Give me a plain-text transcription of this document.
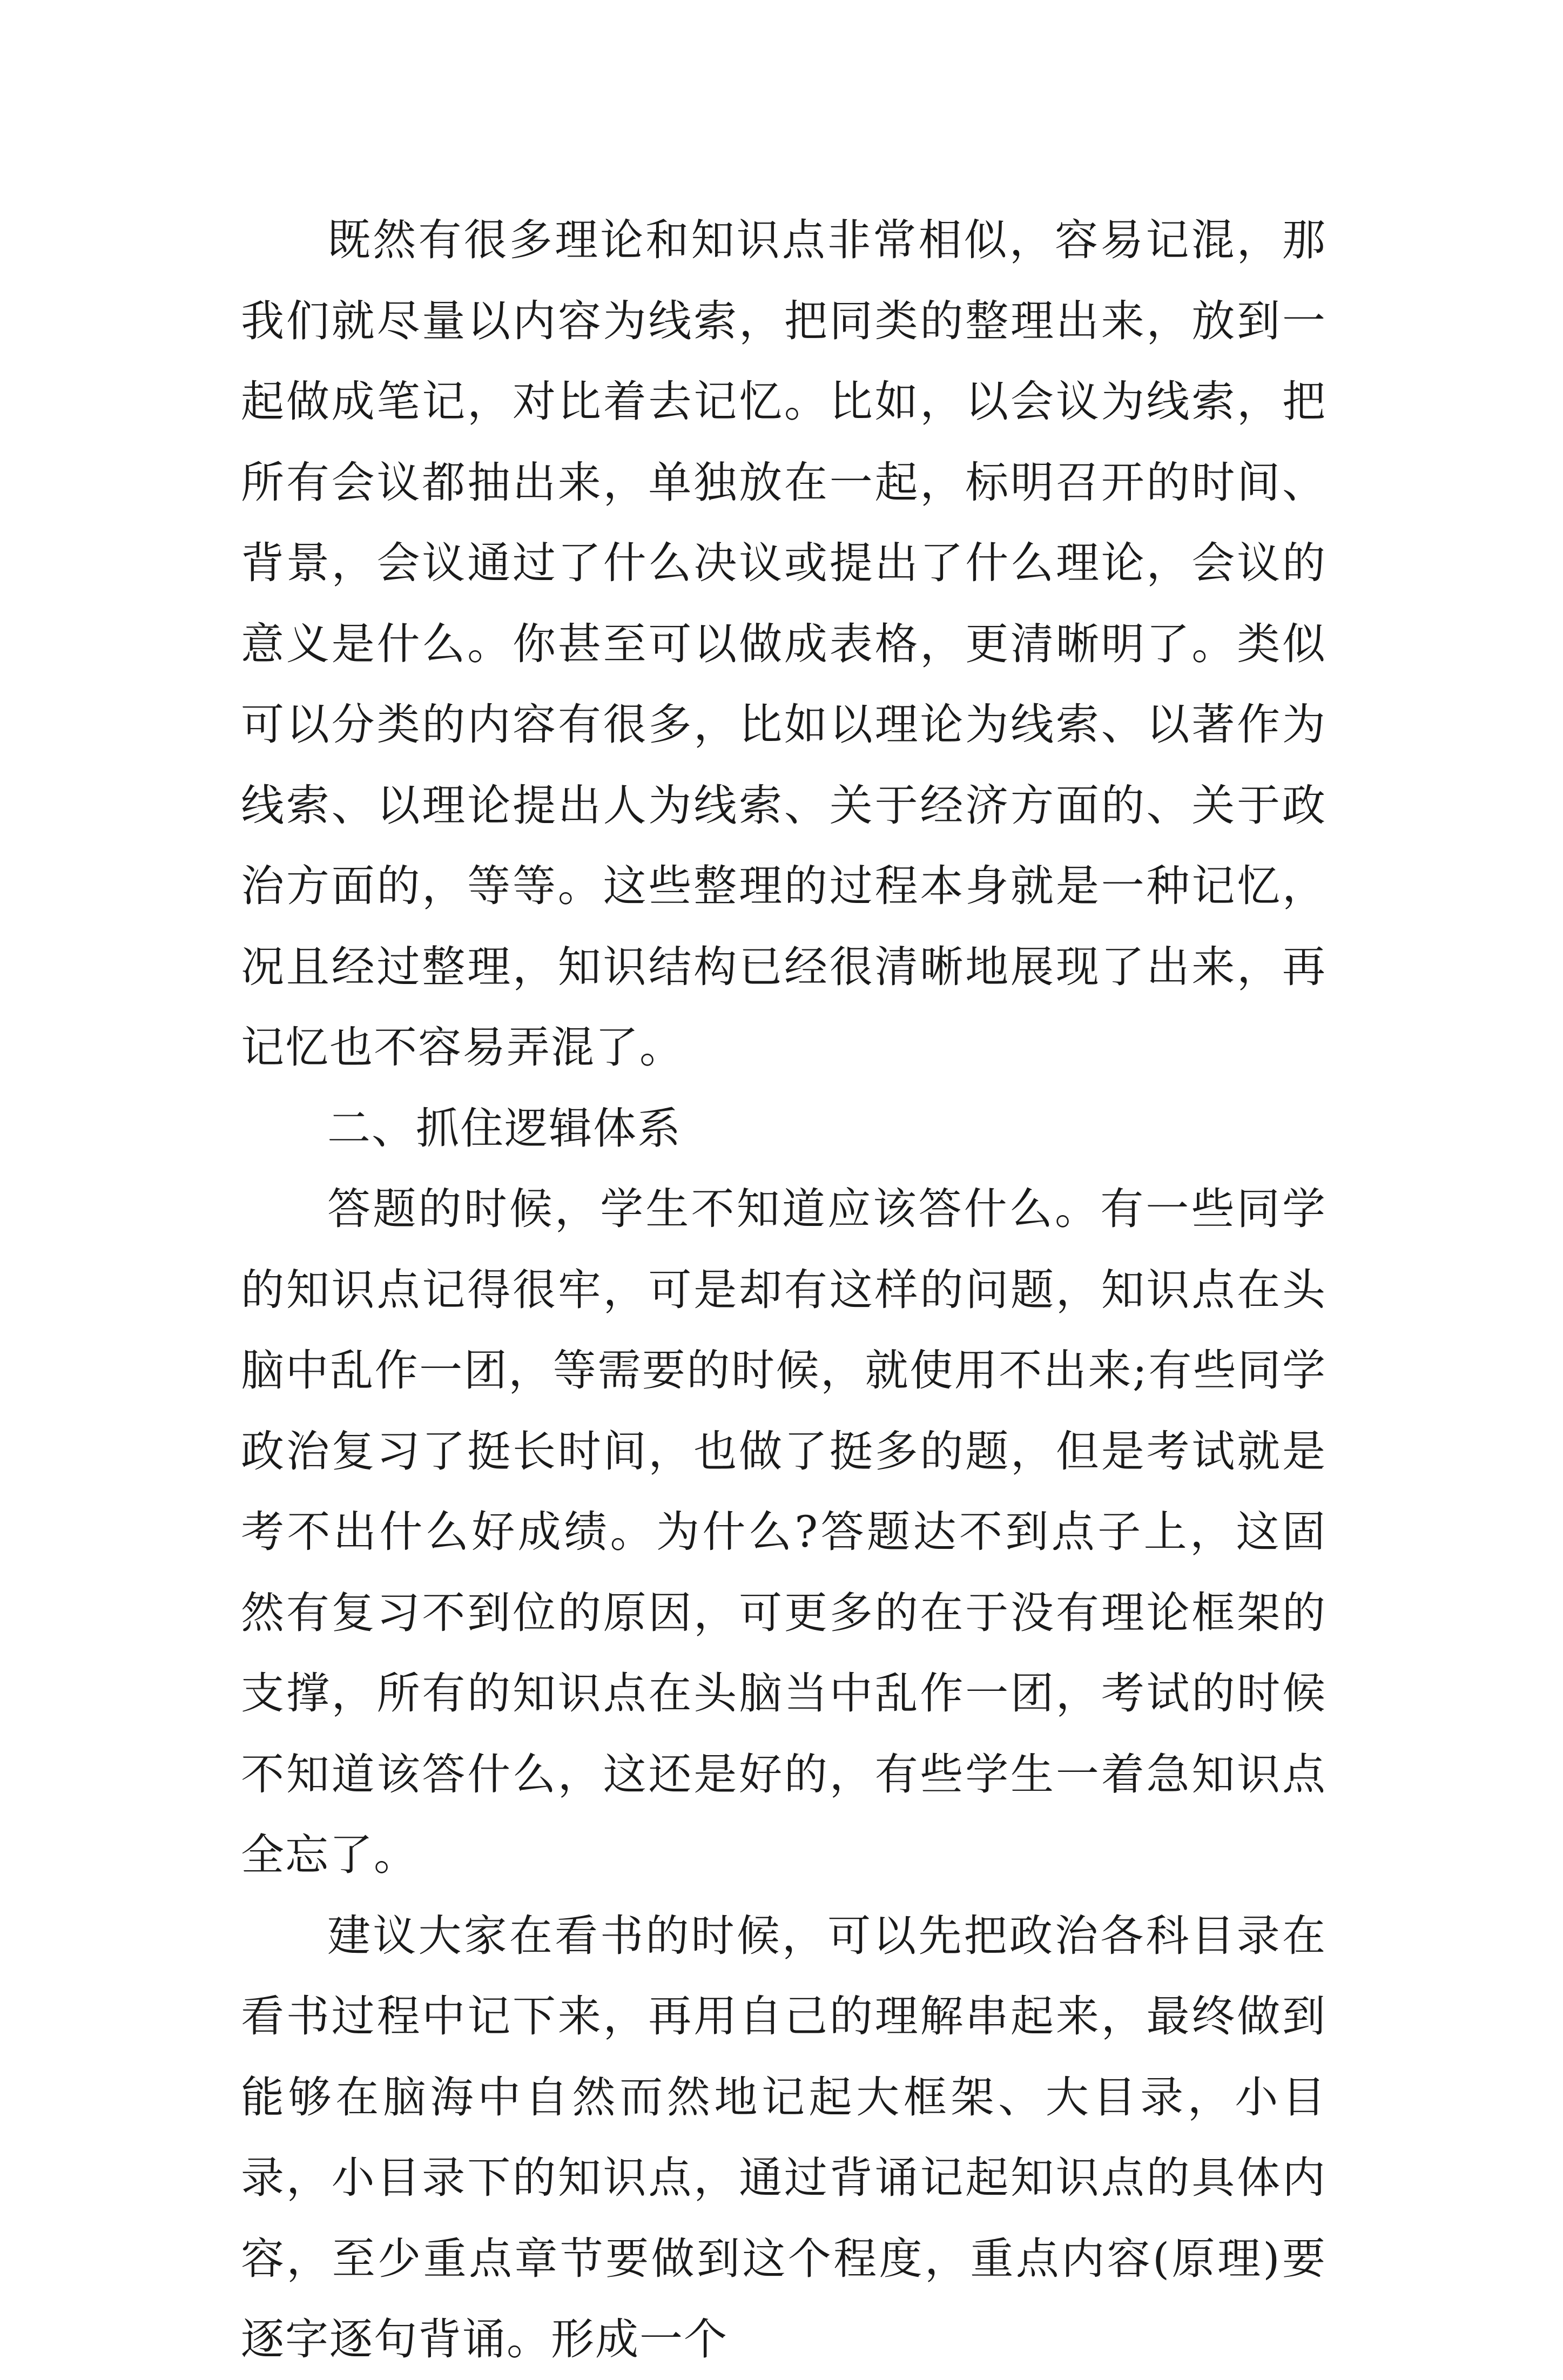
既然有很多理论和知识点非常相似，容易记混，那我们就尽量以内容为线索，把同类的整理出来，放到一起做成笔记，对比着去记忆。比如，以会议为线索，把所有会议都抽出来，单独放在一起，标明召开的时间、背景，会议通过了什么决议或提出了什么理论，会议的意义是什么。你甚至可以做成表格，更清晰明了。类似可以分类的内容有很多，比如以理论为线索、以著作为线索、以理论提出人为线索、关于经济方面的、关于政治方面的，等等。这些整理的过程本身就是一种记忆，况且经过整理，知识结构已经很清晰地展现了出来，再记忆也不容易弄混了。

二、抓住逻辑体系

答题的时候，学生不知道应该答什么。有一些同学的知识点记得很牢，可是却有这样的问题，知识点在头脑中乱作一团，等需要的时候，就使用不出来;有些同学政治复习了挺长时间，也做了挺多的题，但是考试就是考不出什么好成绩。为什么?答题达不到点子上，这固然有复习不到位的原因，可更多的在于没有理论框架的支撑，所有的知识点在头脑当中乱作一团，考试的时候不知道该答什么，这还是好的，有些学生一着急知识点全忘了。

建议大家在看书的时候，可以先把政治各科目录在看书过程中记下来，再用自己的理解串起来，最终做到能够在脑海中自然而然地记起大框架、大目录，小目录，小目录下的知识点，通过背诵记起知识点的具体内容，至少重点章节要做到这个程度，重点内容(原理)要逐字逐句背诵。形成一个
